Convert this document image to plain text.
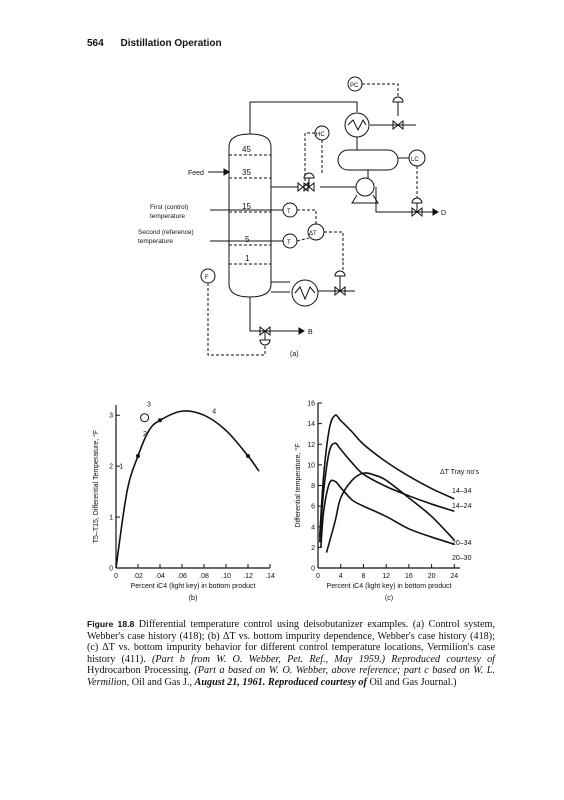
564 Distillation Operation
45
35
15
5
1
Feed
D
PC
HC
LC
First (control)
temperature
Second (reference)
temperature
T
T
ΔT
B
F
(a)
0 .02 .04 .06 .08 .10 .12 .14
0
1
2
3
Percent iC4 (light key) in bottom product
T5–T15, Differential Temperature, °F
(b)
1
2
3
4
0	4	8 12 16 20 24
0
2
4
6
8
10
12
14
16
Percent iC4 (light key) in bottom product
Differential temperature, °F
(c)
ΔT Tray no's
14–34
14–24
20–34
20–30
Figure 18.8 Differential temperature control using deisobutanizer examples. (a) Control system, Webber's case history (418); (b) ΔT vs. bottom impurity dependence, Webber's case history (418); (c) ΔT vs. bottom impurity behavior for different control temperature locations, Vermilion's case history (411). (Part b from W. O. Webber, Pet. Ref., May 1959.) Reproduced courtesy of Hydrocarbon Processing. (Part a based on W. O. Webber, above reference; part c based on W. L. Vermilion, Oil and Gas J., August 21, 1961. Reproduced courtesy of Oil and Gas Journal.)
